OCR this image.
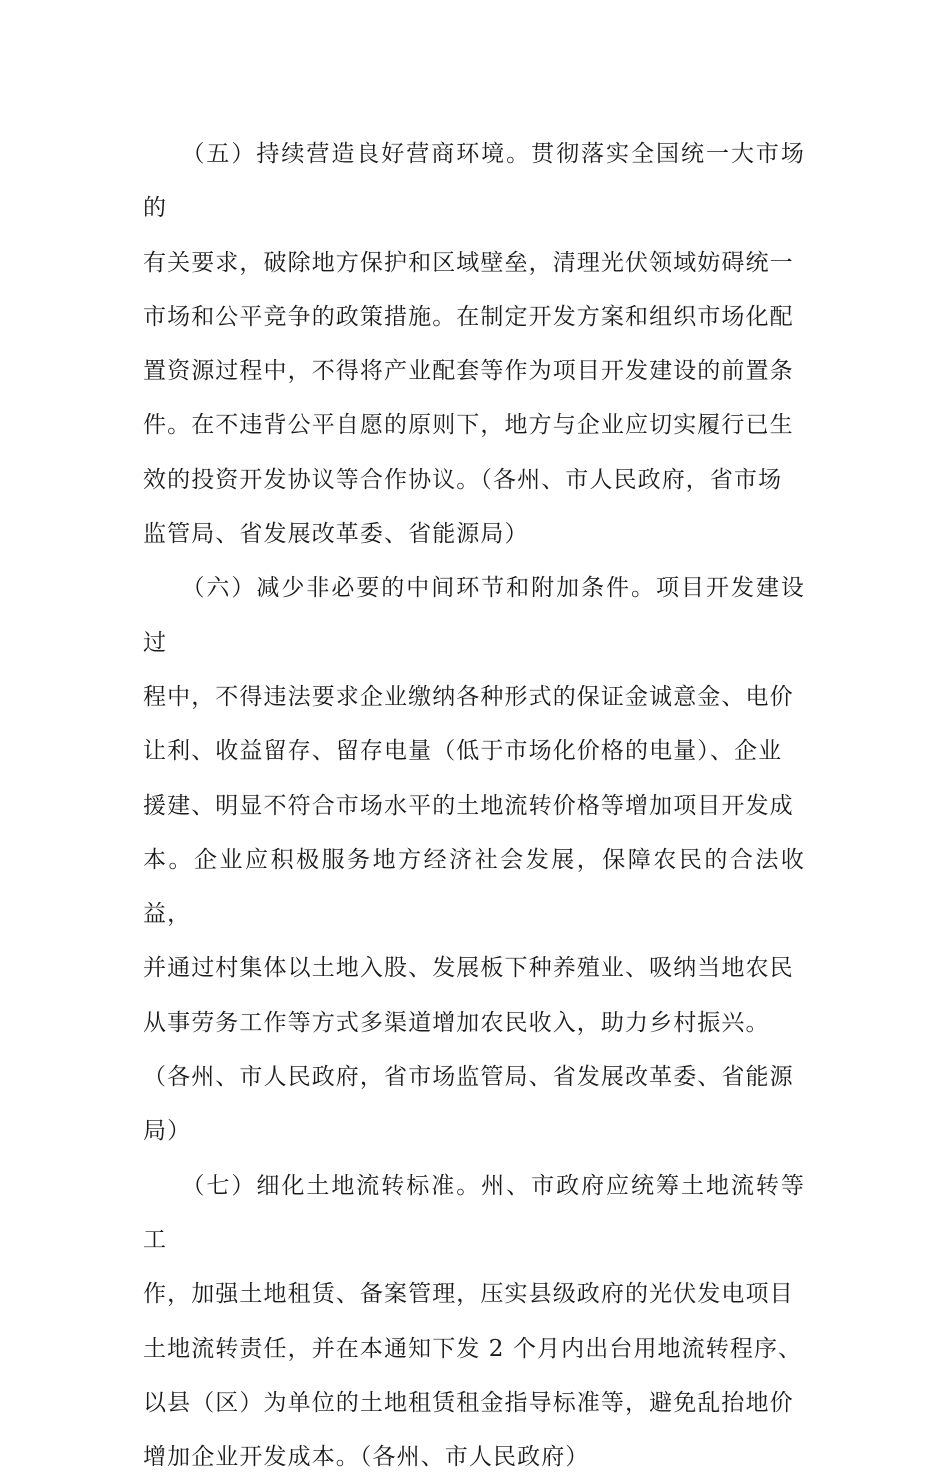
　　（五）持续营造良好营商环境。贯彻落实全国统一大市场的
有关要求，破除地方保护和区域壁垒，清理光伏领域妨碍统一
市场和公平竞争的政策措施。在制定开发方案和组织市场化配
置资源过程中，不得将产业配套等作为项目开发建设的前置条
件。在不违背公平自愿的原则下，地方与企业应切实履行已生
效的投资开发协议等合作协议。（各州、市人民政府，省市场
监管局、省发展改革委、省能源局）

　　（六）减少非必要的中间环节和附加条件。项目开发建设过
程中，不得违法要求企业缴纳各种形式的保证金诚意金、电价
让利、收益留存、留存电量（低于市场化价格的电量）、企业
援建、明显不符合市场水平的土地流转价格等增加项目开发成
本。企业应积极服务地方经济社会发展，保障农民的合法收益，
并通过村集体以土地入股、发展板下种养殖业、吸纳当地农民
从事劳务工作等方式多渠道增加农民收入，助力乡村振兴。
（各州、市人民政府，省市场监管局、省发展改革委、省能源
局）

　　（七）细化土地流转标准。州、市政府应统筹土地流转等工
作，加强土地租赁、备案管理，压实县级政府的光伏发电项目
土地流转责任，并在本通知下发 2 个月内出台用地流转程序、
以县（区）为单位的土地租赁租金指导标准等，避免乱抬地价
增加企业开发成本。（各州、市人民政府）
